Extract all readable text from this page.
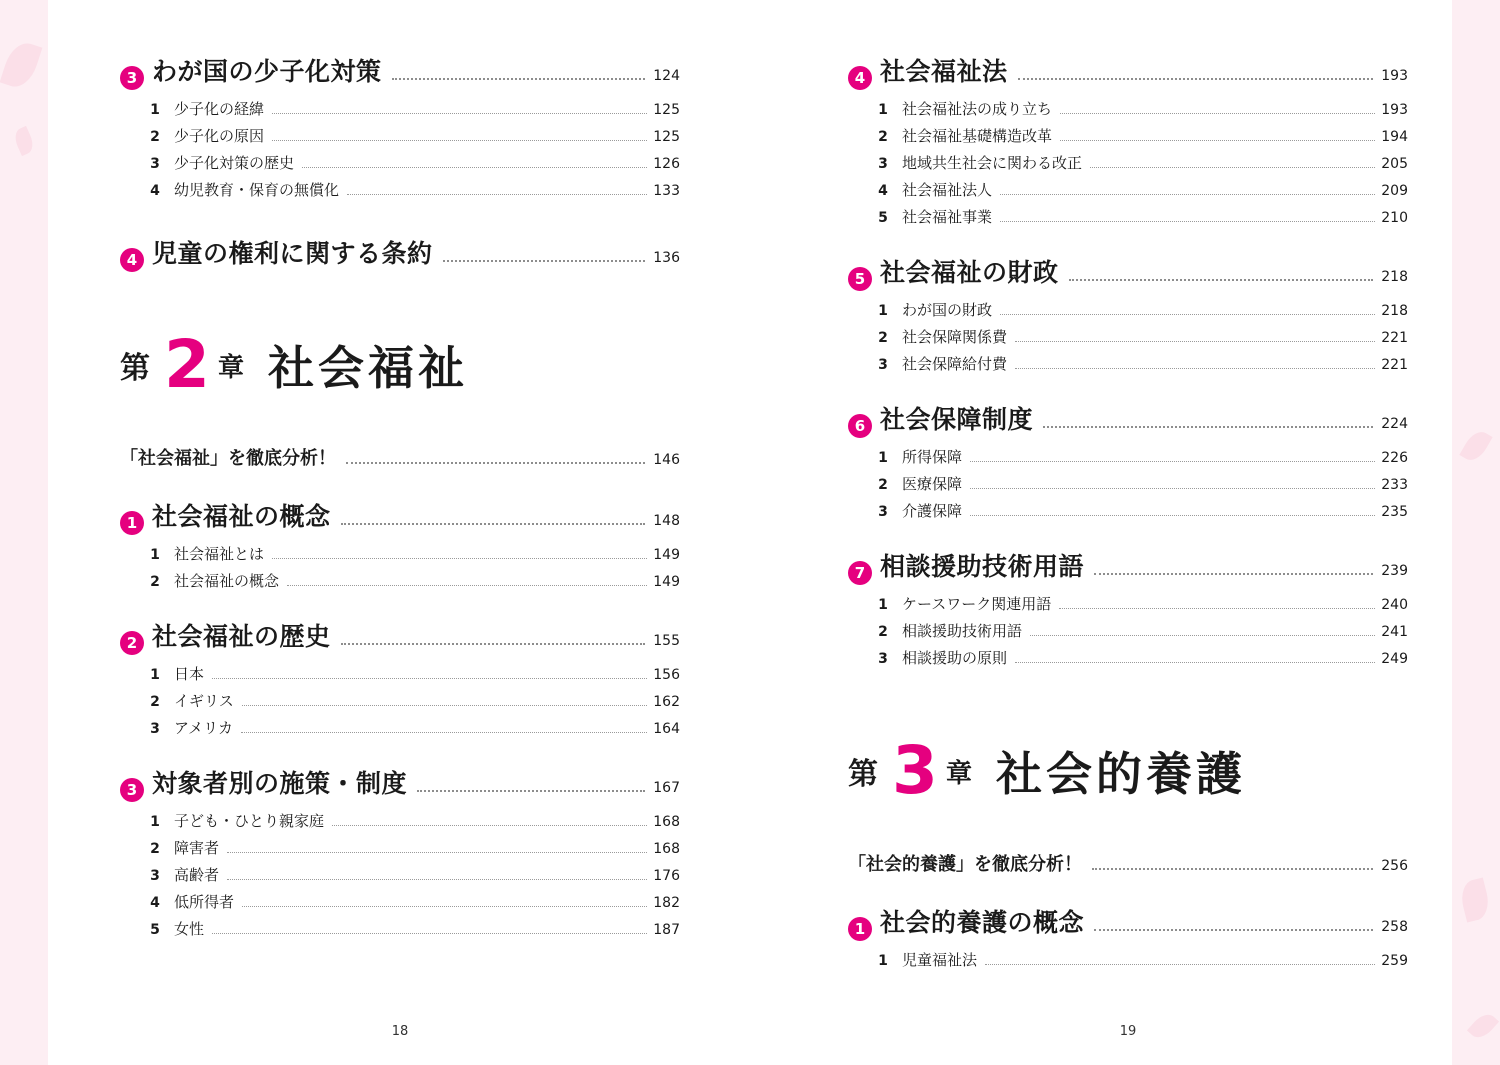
3 わが国の少子化対策	124
1 少子化の経緯	125
2 少子化の原因	125
3 少子化対策の歴史	126
4 幼児教育・保育の無償化	133
4 児童の権利に関する条約	136
第 2 章 社会福祉
「社会福祉」を徹底分析！	146
1 社会福祉の概念	148
1 社会福祉とは	149
2 社会福祉の概念	149
2 社会福祉の歴史	155
1 日本	156
2 イギリス	162
3 アメリカ	164
3 対象者別の施策・制度	167
1 子ども・ひとり親家庭	168
2 障害者	168
3 高齢者	176
4 低所得者	182
5 女性	187
18
4 社会福祉法	193
1 社会福祉法の成り立ち	193
2 社会福祉基礎構造改革	194
3 地域共生社会に関わる改正	205
4 社会福祉法人	209
5 社会福祉事業	210
5 社会福祉の財政	218
1 わが国の財政	218
2 社会保障関係費	221
3 社会保障給付費	221
6 社会保障制度	224
1 所得保障	226
2 医療保障	233
3 介護保障	235
7 相談援助技術用語	239
1 ケースワーク関連用語	240
2 相談援助技術用語	241
3 相談援助の原則	249
第 3 章 社会的養護
「社会的養護」を徹底分析！	256
1 社会的養護の概念	258
1 児童福祉法	259
19
